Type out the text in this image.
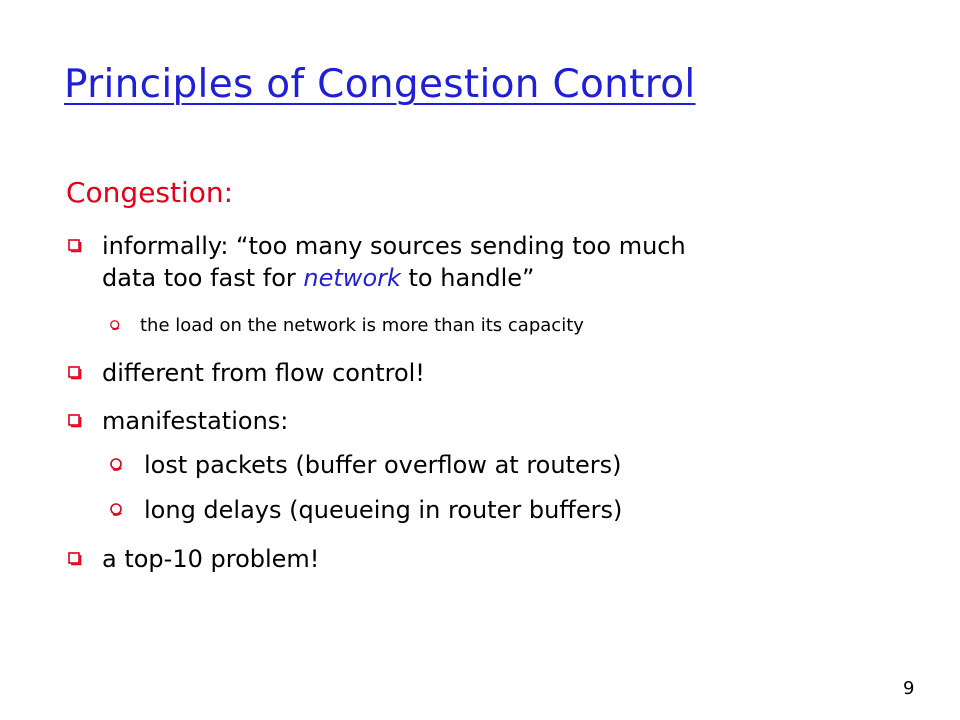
Principles of Congestion Control
Congestion:
informally: “too many sources sending too much
data too fast for network to handle”
the load on the network is more than its capacity
different from flow control!
manifestations:
lost packets (buffer overflow at routers)
long delays (queueing in router buffers)
a top-10 problem!
9
